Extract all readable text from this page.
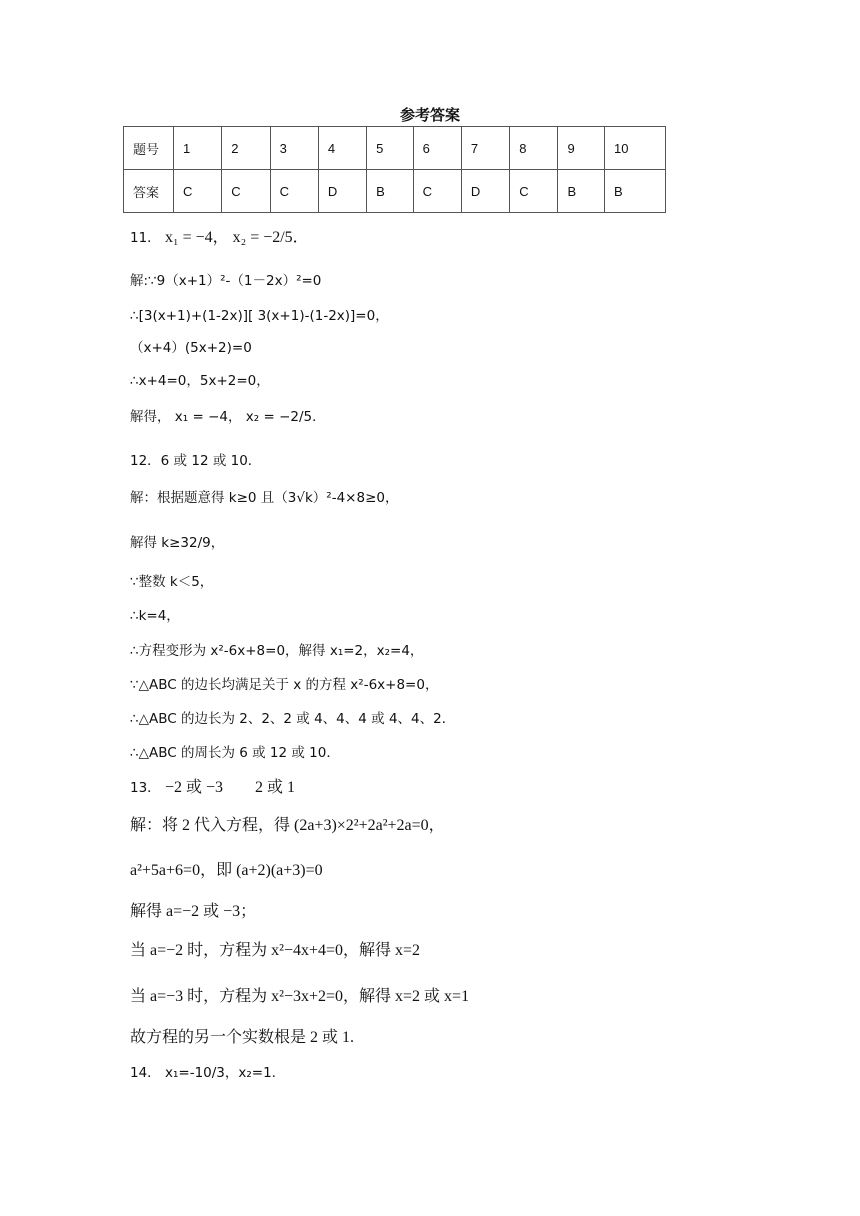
参考答案
题号	1	2	3	4	5	6	7	8	9	10
答案	C	C	C	D	B	C	D	C	B	B
11． x₁ = −4， x₂ = −2/5．
解:∵9（x+1）²-（1－2x）²=0
∴[3(x+1)+(1-2x)][ 3(x+1)-(1-2x)]=0，
（x+4）(5x+2)=0
∴x+4=0，5x+2=0，
解得， x₁ = −4， x₂ = −2/5．
12．6 或 12 或 10．
解：根据题意得 k≥0 且（3√k）²-4×8≥0，
解得 k≥32/9，
∵整数 k＜5，
∴k=4，
∴方程变形为 x²-6x+8=0，解得 x₁=2，x₂=4，
∵△ABC 的边长均满足关于 x 的方程 x²-6x+8=0，
∴△ABC 的边长为 2、2、2 或 4、4、4 或 4、4、2．
∴△ABC 的周长为 6 或 12 或 10．
13． −2 或 −3　　2 或 1
解：将 2 代入方程，得 (2a+3)×2²+2a²+2a=0，
a²+5a+6=0，即 (a+2)(a+3)=0
解得 a=−2 或 −3；
当 a=−2 时，方程为 x²−4x+4=0，解得 x=2
当 a=−3 时，方程为 x²−3x+2=0，解得 x=2 或 x=1
故方程的另一个实数根是 2 或 1.
14． x₁=-10/3，x₂=1.
